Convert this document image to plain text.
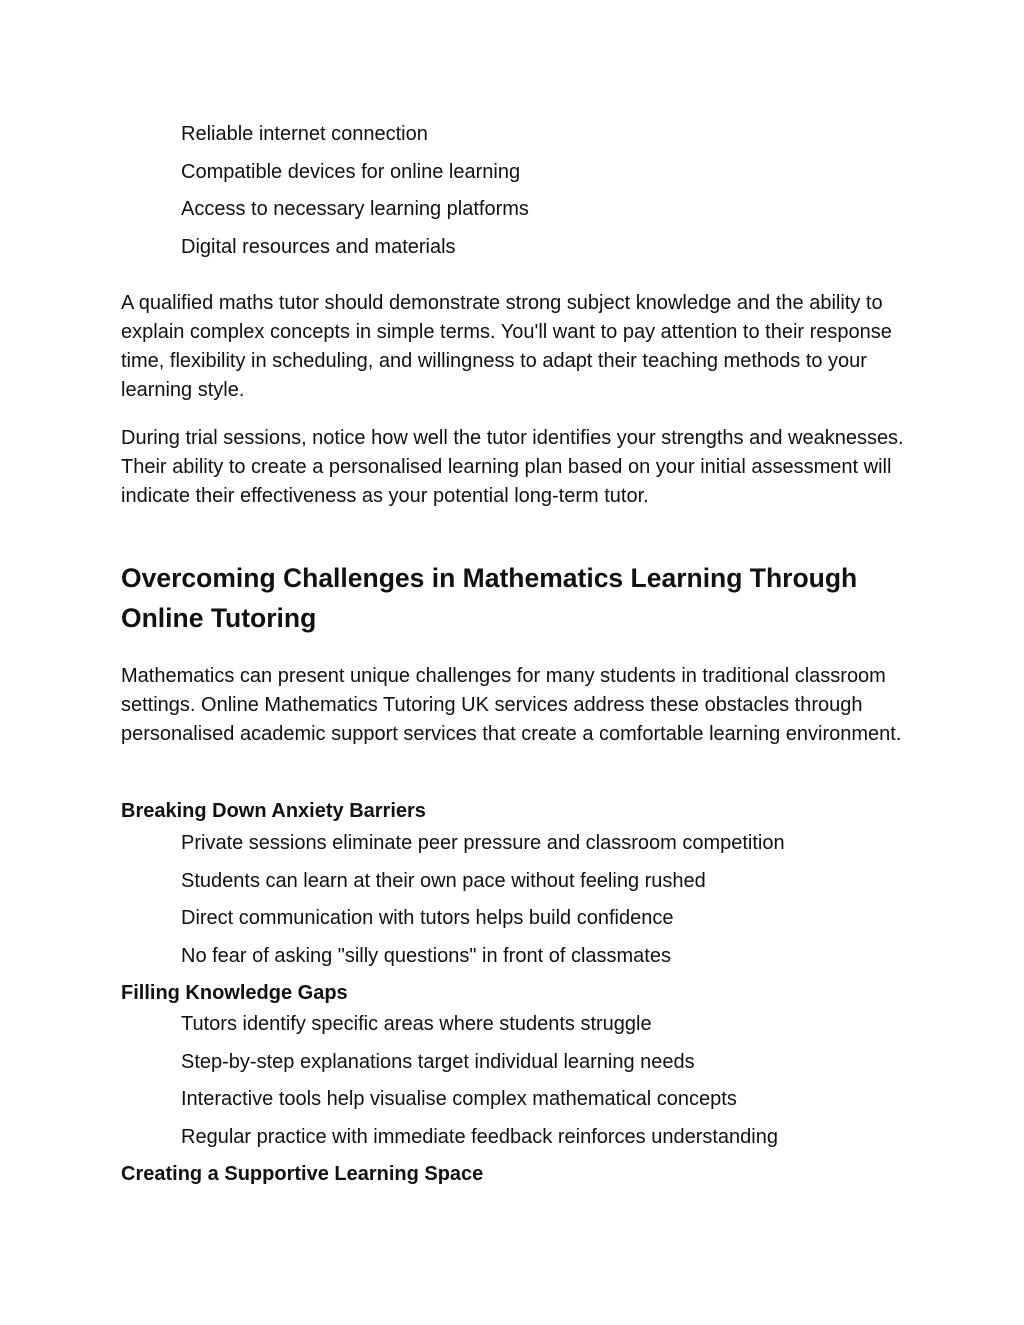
Reliable internet connection
Compatible devices for online learning
Access to necessary learning platforms
Digital resources and materials

A qualified maths tutor should demonstrate strong subject knowledge and the ability to explain complex concepts in simple terms. You'll want to pay attention to their response time, flexibility in scheduling, and willingness to adapt their teaching methods to your learning style.

During trial sessions, notice how well the tutor identifies your strengths and weaknesses. Their ability to create a personalised learning plan based on your initial assessment will indicate their effectiveness as your potential long-term tutor.

Overcoming Challenges in Mathematics Learning Through Online Tutoring

Mathematics can present unique challenges for many students in traditional classroom settings. Online Mathematics Tutoring UK services address these obstacles through personalised academic support services that create a comfortable learning environment.

Breaking Down Anxiety Barriers
Private sessions eliminate peer pressure and classroom competition
Students can learn at their own pace without feeling rushed
Direct communication with tutors helps build confidence
No fear of asking "silly questions" in front of classmates
Filling Knowledge Gaps
Tutors identify specific areas where students struggle
Step-by-step explanations target individual learning needs
Interactive tools help visualise complex mathematical concepts
Regular practice with immediate feedback reinforces understanding
Creating a Supportive Learning Space
